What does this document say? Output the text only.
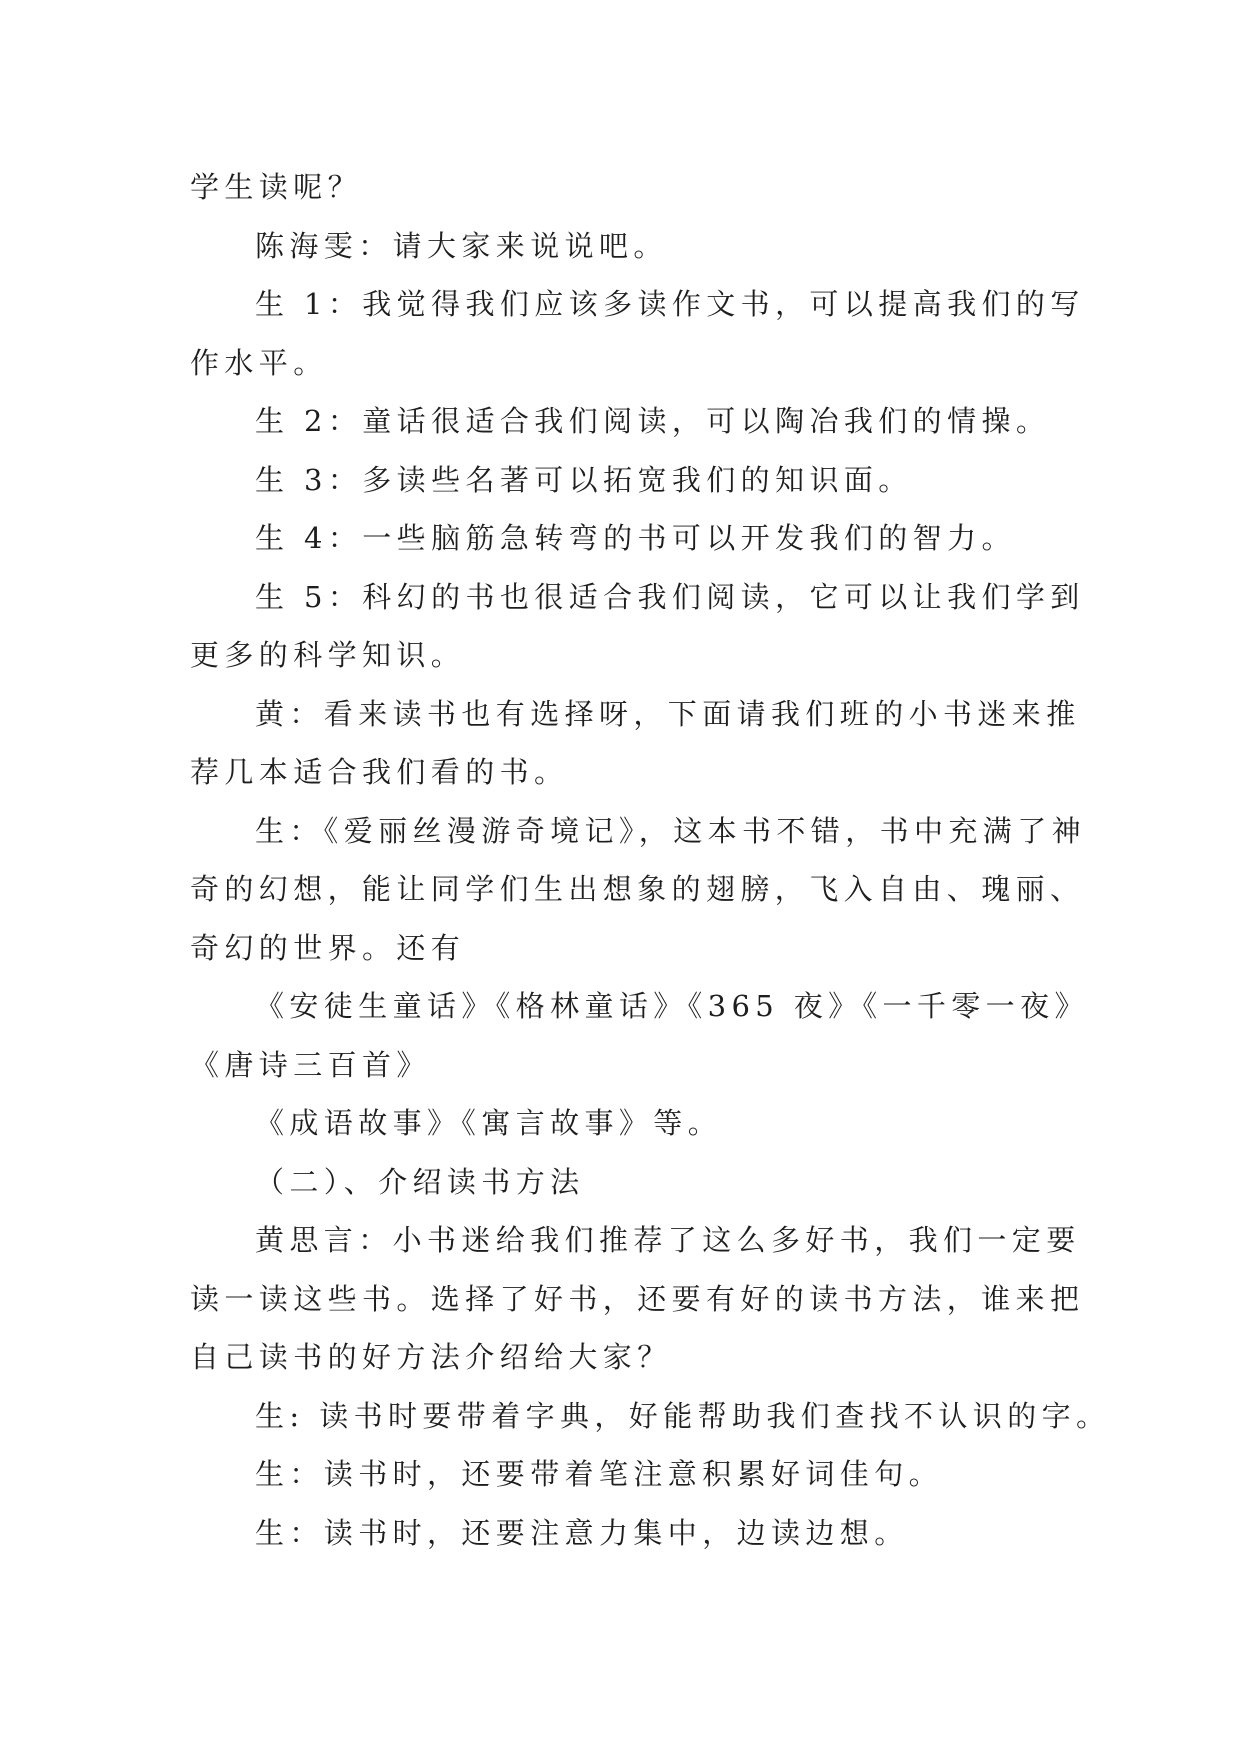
学生读呢？
陈海雯：请大家来说说吧。
生 1：我觉得我们应该多读作文书，可以提高我们的写
作水平。
生 2：童话很适合我们阅读，可以陶冶我们的情操。
生 3：多读些名著可以拓宽我们的知识面。
生 4：一些脑筋急转弯的书可以开发我们的智力。
生 5：科幻的书也很适合我们阅读，它可以让我们学到
更多的科学知识。
黄：看来读书也有选择呀，下面请我们班的小书迷来推
荐几本适合我们看的书。
生：《爱丽丝漫游奇境记》，这本书不错，书中充满了神
奇的幻想，能让同学们生出想象的翅膀，飞入自由、瑰丽、
奇幻的世界。还有
《安徒生童话》《格林童话》《365 夜》《一千零一夜》
《唐诗三百首》
《成语故事》《寓言故事》等。
（二）、介绍读书方法
黄思言：小书迷给我们推荐了这么多好书，我们一定要
读一读这些书。选择了好书，还要有好的读书方法，谁来把
自己读书的好方法介绍给大家？
生: 读书时要带着字典，好能帮助我们查找不认识的字。
生：读书时，还要带着笔注意积累好词佳句。
生：读书时，还要注意力集中，边读边想。
